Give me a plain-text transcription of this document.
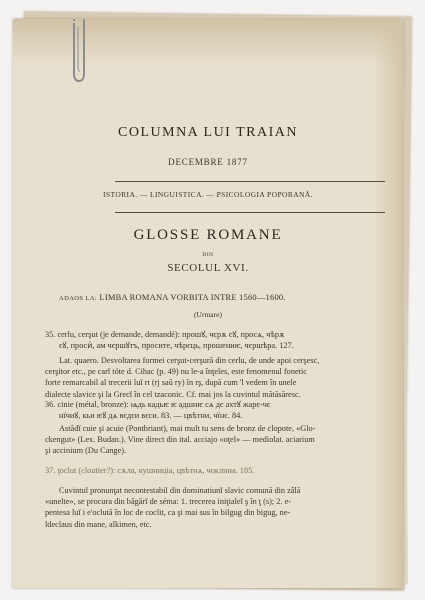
COLUMNA LUI TRAIAN
DECEMBRE 1877
ISTORIA. — LINGUISTICA. — PSICOLOGIA POPORANĂ.
GLOSSE ROMANE
DIN
SECOLUL XVI.
ADAOS LA: LIMBA ROMANA VORBITA INTRE 1560—1600.
(Urmare)
35. cerlu, cerşut (je demande, demandé): прошꙋ, чєрѫ єꙋ, просѧ, чѣрѫ
єꙋ, просиⷮ, ам чєршꙋтъ, просите, чѣрєць, прошениѥ, чєршѣра. 127.
Lat. quaero. Desvoltarea formei cerşut-cerşură din cerlu, de unde apoi cerşesc,
cerşitor etc., pe carĭ tóte d. Cihac (p. 49) nu le-a înţeles, este fenomenul fonetic
forte remarcabil al trecerii luĭ rt (rj saŭ ry) în rş, după cum 'l vedem în unele
dialecte slavice şi la Grecĭ în cel tzaconic. Cf. mai jos la cuvintul mătăsăresc.
36. cinie (métal, bronze): ѩдь кадьѥ ѥ адшнѥ сѧ дє ахтꙋ жарє-чє
нїчиꙋ, кьи ѥꙋ дѧ вєдєи вєси. 83. — цвѣтни, чїнє. 84.
Astădĭ cuie şi acuie (Pontbriant), mai mult tu sens de bronz de clopote, «Glo-
ckengut» (Lex. Budan.). Vine direct din ital. acciajo «oţel» — mediolat. aciarium
şi accinium (Du Cange).
37. ţoclut (cloutier?): сѫла, кушниціа, цвѣтнѧ, чоклниа. 185.
Cuvintul pronunţat necontestabil din dominatiunĭ slavic comună din zâlă
«unelte», se procura din băgărĭ de séma: 1. trecerea iniţialeĭ ş în ţ (s); 2. e-
pentesa luĭ i e'oclută în loc de coclit, ca şi mai sus în bilgug din bigug, ne-
ldeclaus din mane, alkimen, etc.
